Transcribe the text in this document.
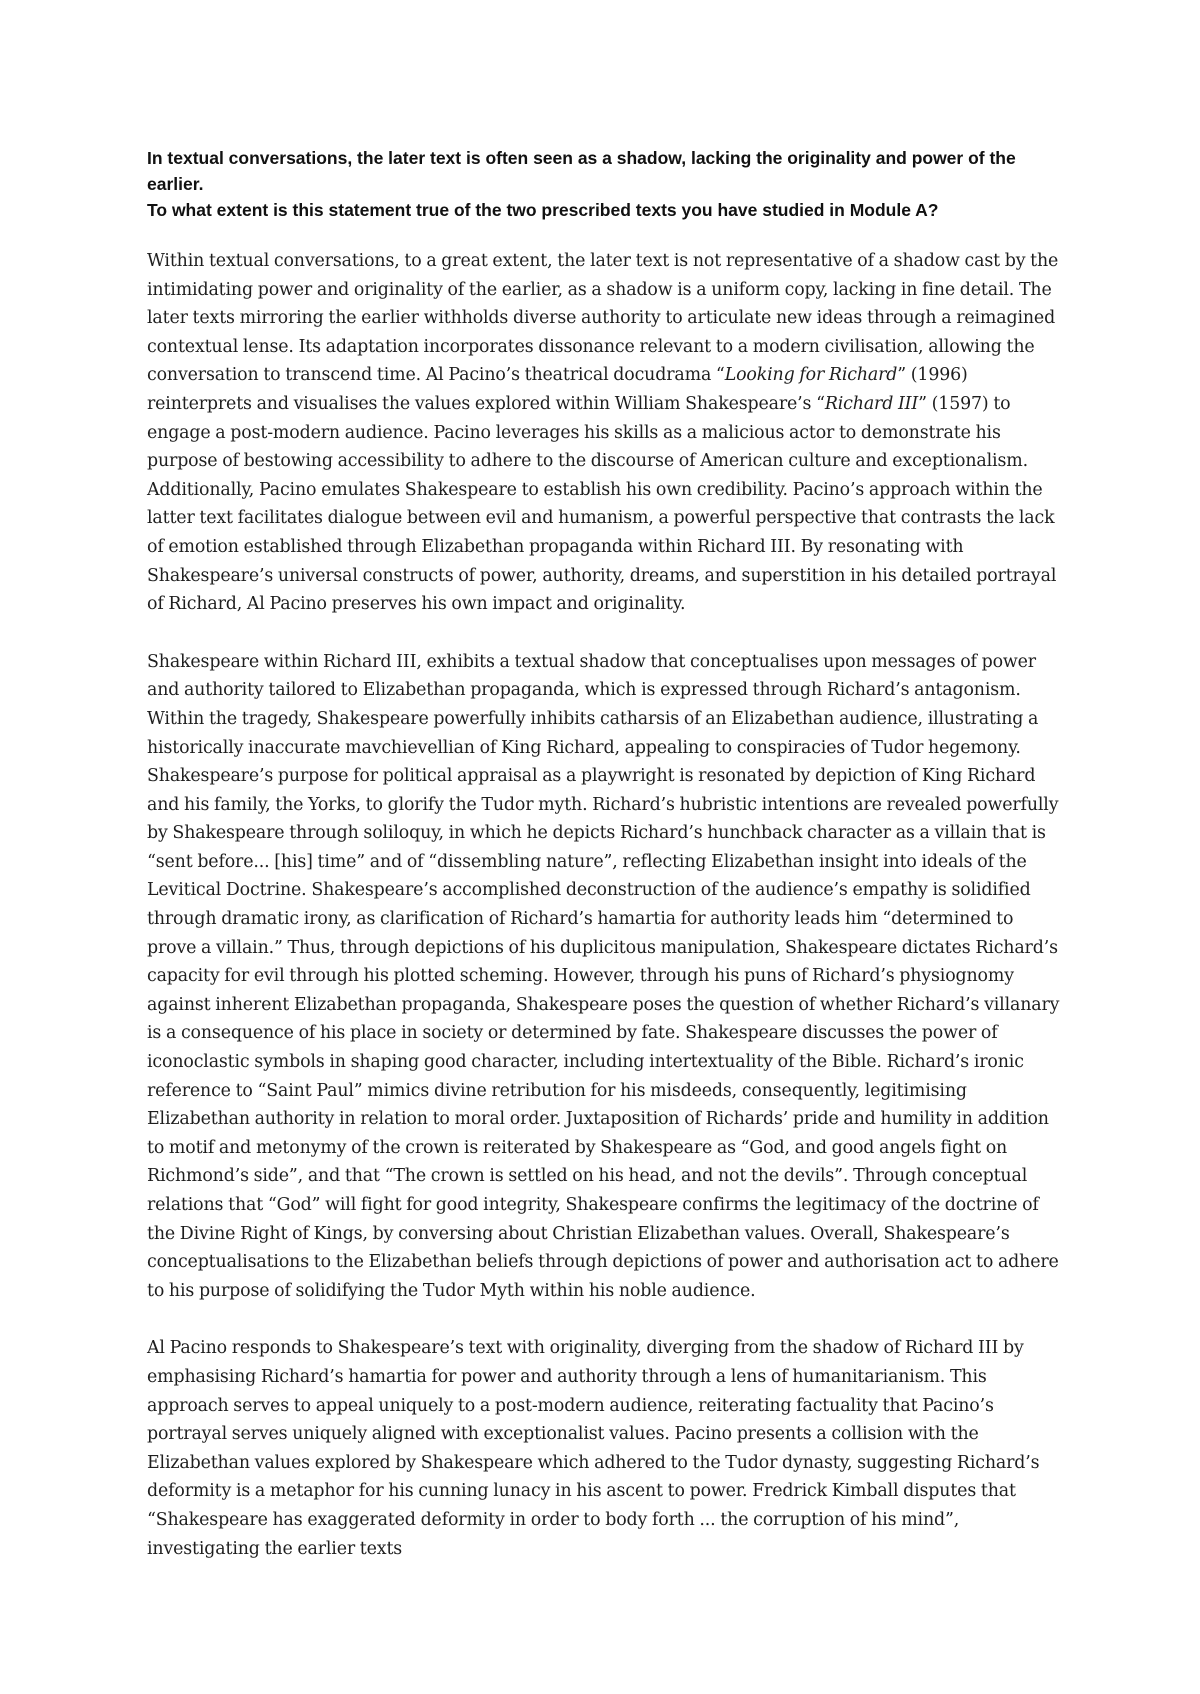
In textual conversations, the later text is often seen as a shadow, lacking the originality and power of the earlier.
To what extent is this statement true of the two prescribed texts you have studied in Module A?

Within textual conversations, to a great extent, the later text is not representative of a shadow cast by the intimidating power and originality of the earlier, as a shadow is a uniform copy, lacking in fine detail. The later texts mirroring the earlier withholds diverse authority to articulate new ideas through a reimagined contextual lense. Its adaptation incorporates dissonance relevant to a modern civilisation, allowing the conversation to transcend time. Al Pacino’s theatrical docudrama “Looking for Richard” (1996) reinterprets and visualises the values explored within William Shakespeare’s “Richard III” (1597) to engage a post-modern audience. Pacino leverages his skills as a malicious actor to demonstrate his purpose of bestowing accessibility to adhere to the discourse of American culture and exceptionalism. Additionally, Pacino emulates Shakespeare to establish his own credibility. Pacino’s approach within the latter text facilitates dialogue between evil and humanism, a powerful perspective that contrasts the lack of emotion established through Elizabethan propaganda within Richard III. By resonating with Shakespeare’s universal constructs of power, authority, dreams, and superstition in his detailed portrayal of Richard, Al Pacino preserves his own impact and originality.

Shakespeare within Richard III, exhibits a textual shadow that conceptualises upon messages of power and authority tailored to Elizabethan propaganda, which is expressed through Richard’s antagonism. Within the tragedy, Shakespeare powerfully inhibits catharsis of an Elizabethan audience, illustrating a historically inaccurate mavchievellian of King Richard, appealing to conspiracies of Tudor hegemony. Shakespeare’s purpose for political appraisal as a playwright is resonated by depiction of King Richard and his family, the Yorks, to glorify the Tudor myth. Richard’s hubristic intentions are revealed powerfully by Shakespeare through soliloquy, in which he depicts Richard’s hunchback character as a villain that is “sent before... [his] time” and of “dissembling nature”, reflecting Elizabethan insight into ideals of the Levitical Doctrine. Shakespeare’s accomplished deconstruction of the audience’s empathy is solidified through dramatic irony, as clarification of Richard’s hamartia for authority leads him “determined to prove a villain.” Thus, through depictions of his duplicitous manipulation, Shakespeare dictates Richard’s capacity for evil through his plotted scheming. However, through his puns of Richard’s physiognomy against inherent Elizabethan propaganda, Shakespeare poses the question of whether Richard’s villanary is a consequence of his place in society or determined by fate. Shakespeare discusses the power of iconoclastic symbols in shaping good character, including intertextuality of the Bible. Richard’s ironic reference to “Saint Paul” mimics divine retribution for his misdeeds, consequently, legitimising Elizabethan authority in relation to moral order. Juxtaposition of Richards’ pride and humility in addition to motif and metonymy of the crown is reiterated by Shakespeare as “God, and good angels fight on Richmond’s side”, and that “The crown is settled on his head, and not the devils”. Through conceptual relations that “God” will fight for good integrity, Shakespeare confirms the legitimacy of the doctrine of the Divine Right of Kings, by conversing about Christian Elizabethan values. Overall, Shakespeare’s conceptualisations to the Elizabethan beliefs through depictions of power and authorisation act to adhere to his purpose of solidifying the Tudor Myth within his noble audience.

Al Pacino responds to Shakespeare’s text with originality, diverging from the shadow of Richard III by emphasising Richard’s hamartia for power and authority through a lens of humanitarianism. This approach serves to appeal uniquely to a post-modern audience, reiterating factuality that Pacino’s portrayal serves uniquely aligned with exceptionalist values. Pacino presents a collision with the Elizabethan values explored by Shakespeare which adhered to the Tudor dynasty, suggesting Richard’s deformity is a metaphor for his cunning lunacy in his ascent to power. Fredrick Kimball disputes that “Shakespeare has exaggerated deformity in order to body forth ... the corruption of his mind”, investigating the earlier texts
